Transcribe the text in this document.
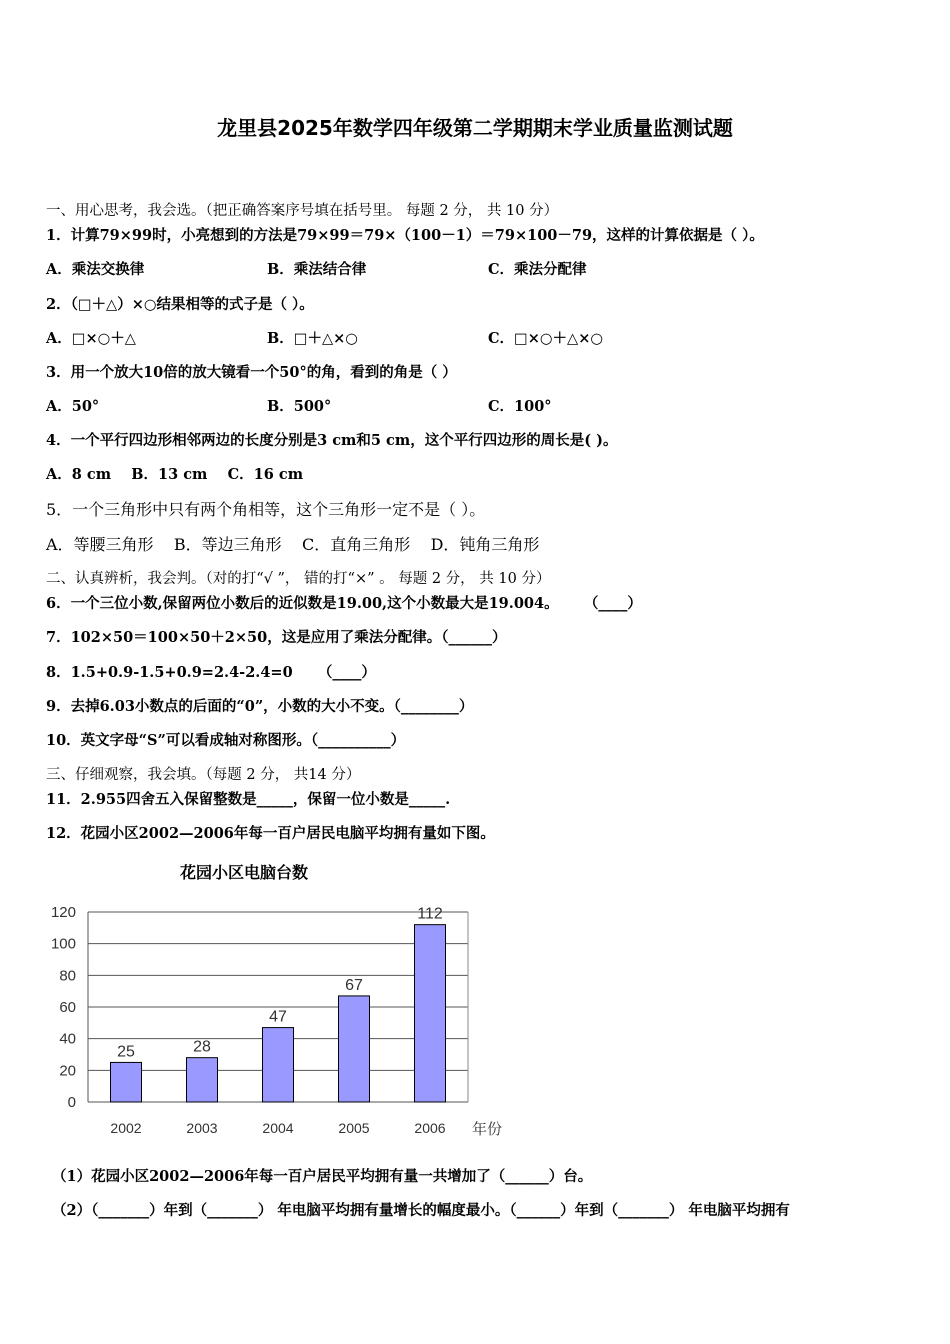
龙里县2025年数学四年级第二学期期末学业质量监测试题
一、用心思考，我会选。（把正确答案序号填在括号里。 每题 2 分， 共 10 分）
1．计算79×99时，小亮想到的方法是79×99＝79×（100－1）＝79×100－79，这样的计算依据是（ ）。
A．乘法交换律	B．乘法结合律	C．乘法分配律
2．（□＋△）×○结果相等的式子是（ ）。
A．□×○＋△	B．□＋△×○	C．□×○＋△×○
3．用一个放大10倍的放大镜看一个50°的角，看到的角是（ ）
A．50°	B．500°	C．100°
4．一个平行四边形相邻两边的长度分别是3 cm和5 cm，这个平行四边形的周长是( )。
A．8 cm    B．13 cm    C．16 cm
5．一个三角形中只有两个角相等，这个三角形一定不是（ ）。
A．等腰三角形    B．等边三角形    C．直角三角形    D．钝角三角形
二、认真辨析，我会判。（对的打“√ ”， 错的打“×” 。 每题 2 分， 共 10 分）
6．一个三位小数,保留两位小数后的近似数是19.00,这个小数最大是19.004。     （____）
7．102×50＝100×50＋2×50，这是应用了乘法分配律。（______）
8．1.5+0.9-1.5+0.9=2.4-2.4=0     （____）
9．去掉6.03小数点的后面的“0”，小数的大小不变。（________）
10．英文字母“S”可以看成轴对称图形。（__________）
三、仔细观察，我会填。（每题 2 分， 共14 分）
11．2.955四舍五入保留整数是_____，保留一位小数是_____.
12．花园小区2002—2006年每一百户居民电脑平均拥有量如下图。
花园小区电脑台数
0
20
40
60
80
100
120
25
2002
28
2003
47
2004
67
2005
112
2006 年份
（1）花园小区2002—2006年每一百户居民平均拥有量一共增加了（______）台。
（2）（_______）年到（_______） 年电脑平均拥有量增长的幅度最小。（______）年到（_______） 年电脑平均拥有
